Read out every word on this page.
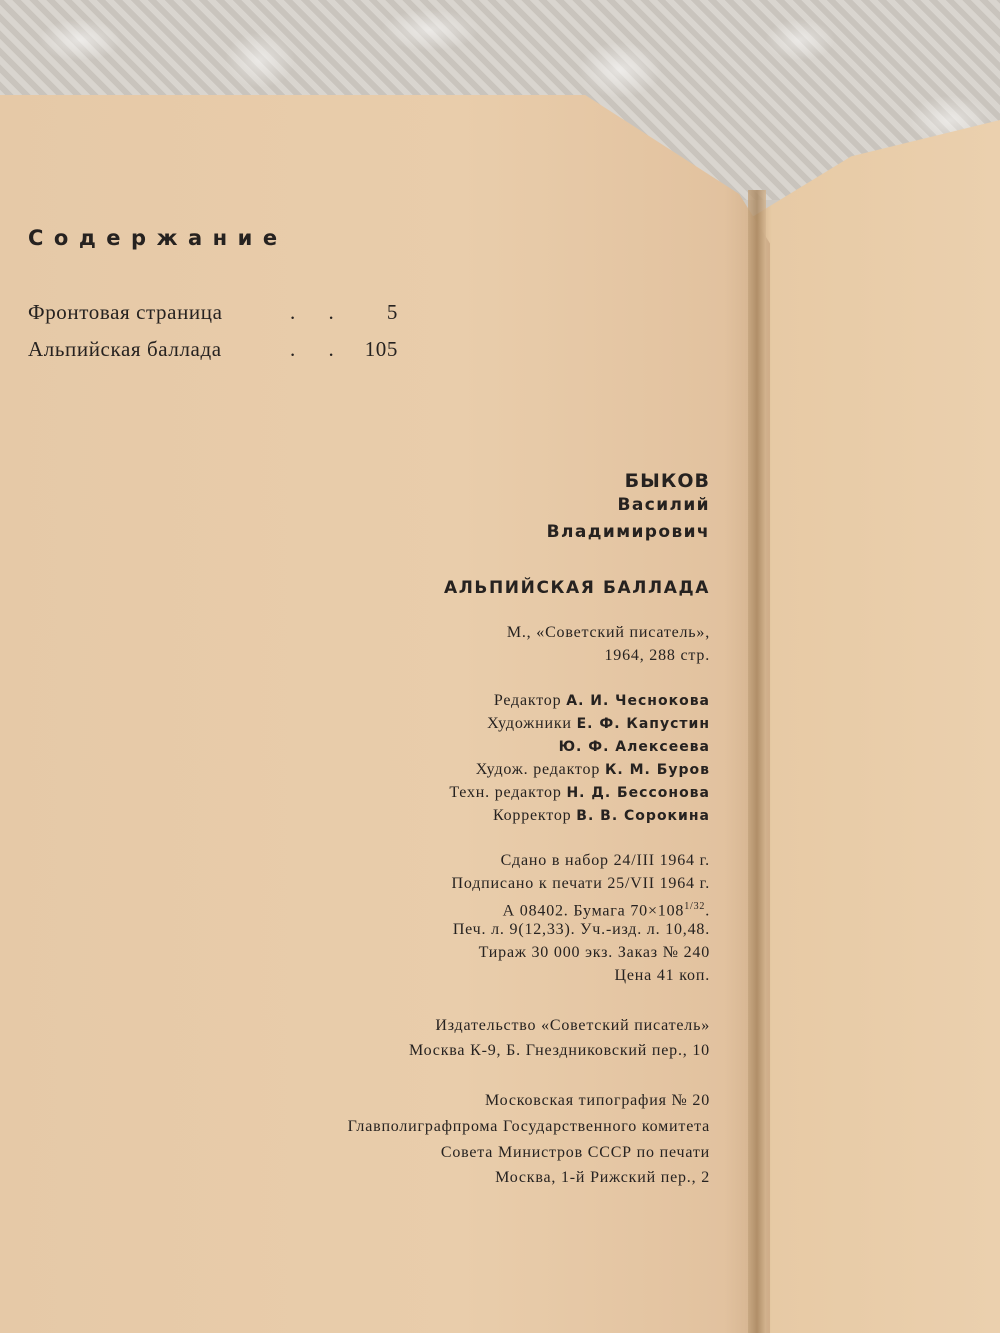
Содержание
Фронтовая страница	. . 5
Альпийская баллада	. . 105
БЫКОВ
Василий
Владимирович
АЛЬПИЙСКАЯ БАЛЛАДА
М., «Советский писатель»,
1964, 288 стр.
Редактор А. И. Чеснокова
Художники Е. Ф. Капустин
Ю. Ф. Алексеева
Худож. редактор К. М. Буров
Техн. редактор Н. Д. Бессонова
Корректор В. В. Сорокина
Сдано в набор 24/III 1964 г.
Подписано к печати 25/VII 1964 г.
А 08402. Бумага $70\times 108^{1/32}$.
Печ. л. 9(12,33). Уч.-изд. л. 10,48.
Тираж 30 000 экз. Заказ № 240
Цена 41 коп.
Издательство «Советский писатель»
Москва К-9, Б. Гнездниковский пер., 10
Московская типография № 20
Главполиграфпрома Государственного комитета
Совета Министров СССР по печати
Москва, 1-й Рижский пер., 2
